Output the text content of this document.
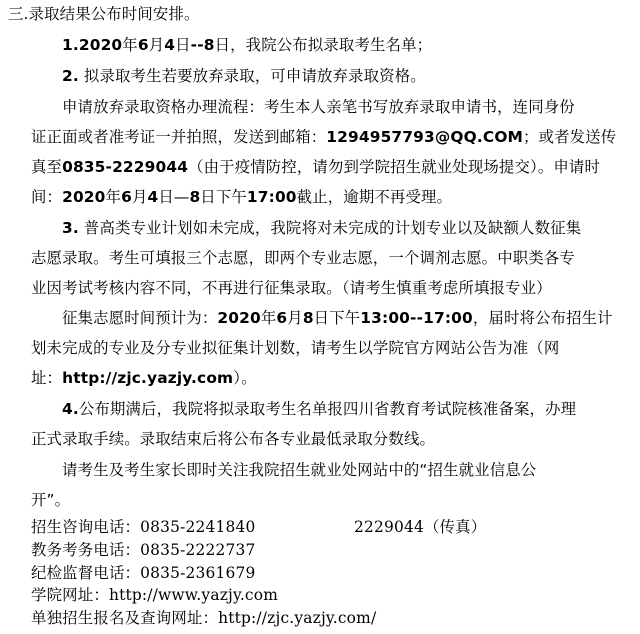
三.录取结果公布时间安排。
1.2020年6月4日--8日，我院公布拟录取考生名单；
2. 拟录取考生若要放弃录取，可申请放弃录取资格。
申请放弃录取资格办理流程：考生本人亲笔书写放弃录取申请书，连同身份
证正面或者准考证一并拍照，发送到邮箱：1294957793@QQ.COM；或者发送传
真至0835-2229044（由于疫情防控，请勿到学院招生就业处现场提交）。申请时
间：2020年6月4日—8日下午17:00截止，逾期不再受理。
3. 普高类专业计划如未完成，我院将对未完成的计划专业以及缺额人数征集
志愿录取。考生可填报三个志愿，即两个专业志愿，一个调剂志愿。中职类各专
业因考试考核内容不同，不再进行征集录取。（请考生慎重考虑所填报专业）
征集志愿时间预计为：2020年6月8日下午13:00--17:00，届时将公布招生计
划未完成的专业及分专业拟征集计划数，请考生以学院官方网站公告为准（网
址：http://zjc.yazjy.com）。
4.公布期满后，我院将拟录取考生名单报四川省教育考试院核准备案，办理
正式录取手续。录取结束后将公布各专业最低录取分数线。
请考生及考生家长即时关注我院招生就业处网站中的“招生就业信息公
开”。
招生咨询电话：0835-2241840	2229044（传真）
教务考务电话：0835-2222737
纪检监督电话：0835-2361679
学院网址：http://www.yazjy.com
单独招生报名及查询网址：http://zjc.yazjy.com/
